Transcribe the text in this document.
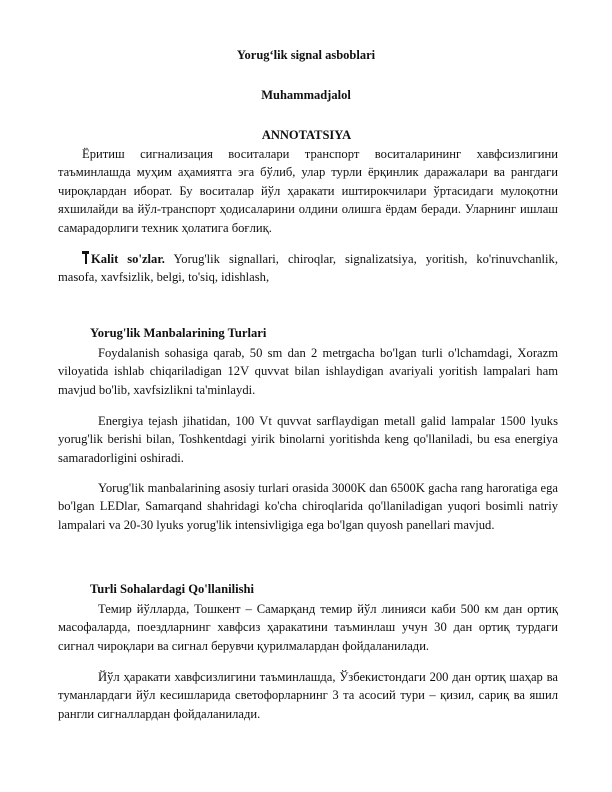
Yorug‘lik signal asboblari
Muhammadjalol
ANNOTATSIYA
Ёритиш сигнализация воситалари транспорт воситаларининг хавфсизлигини таъминлашда муҳим аҳамиятга эга бўлиб, улар турли ёрқинлик даражалари ва рангдаги чироқлардан иборат. Бу воситалар йўл ҳаракати иштирокчилари ўртасидаги мулоқотни яхшилайди ва йўл-транспорт ҳодисаларини олдини олишга ёрдам беради. Уларнинг ишлаш самарадорлиги техник ҳолатига боғлиқ.
Kalit so'zlar. Yorug'lik signallari, chiroqlar, signalizatsiya, yoritish, ko'rinuvchanlik, masofa, xavfsizlik, belgi, to'siq, idishlash,
Yorug'lik Manbalarining Turlari
Foydalanish sohasiga qarab, 50 sm dan 2 metrgacha bo'lgan turli o'lchamdagi, Xorazm viloyatida ishlab chiqariladigan 12V quvvat bilan ishlaydigan avariyali yoritish lampalari ham mavjud bo'lib, xavfsizlikni ta'minlaydi.
Energiya tejash jihatidan, 100 Vt quvvat sarflaydigan metall galid lampalar 1500 lyuks yorug'lik berishi bilan, Toshkentdagi yirik binolarni yoritishda keng qo'llaniladi, bu esa energiya samaradorligini oshiradi.
Yorug'lik manbalarining asosiy turlari orasida 3000K dan 6500K gacha rang haroratiga ega bo'lgan LEDlar, Samarqand shahridagi ko'cha chiroqlarida qo'llaniladigan yuqori bosimli natriy lampalari va 20-30 lyuks yorug'lik intensivligiga ega bo'lgan quyosh panellari mavjud.
Turli Sohalardagi Qo'llanilishi
Темир йўлларда, Тошкент – Самарқанд темир йўл линияси каби 500 км дан ортиқ масофаларда, поездларнинг хавфсиз ҳаракатини таъминлаш учун 30 дан ортиқ турдаги сигнал чироқлари ва сигнал берувчи қурилмалардан фойдаланилади.
Йўл ҳаракати хавфсизлигини таъминлашда, Ўзбекистондаги 200 дан ортиқ шаҳар ва туманлардаги йўл кесишларида светофорларнинг 3 та асосий тури – қизил, сариқ ва яшил рангли сигналлардан фойдаланилади.
